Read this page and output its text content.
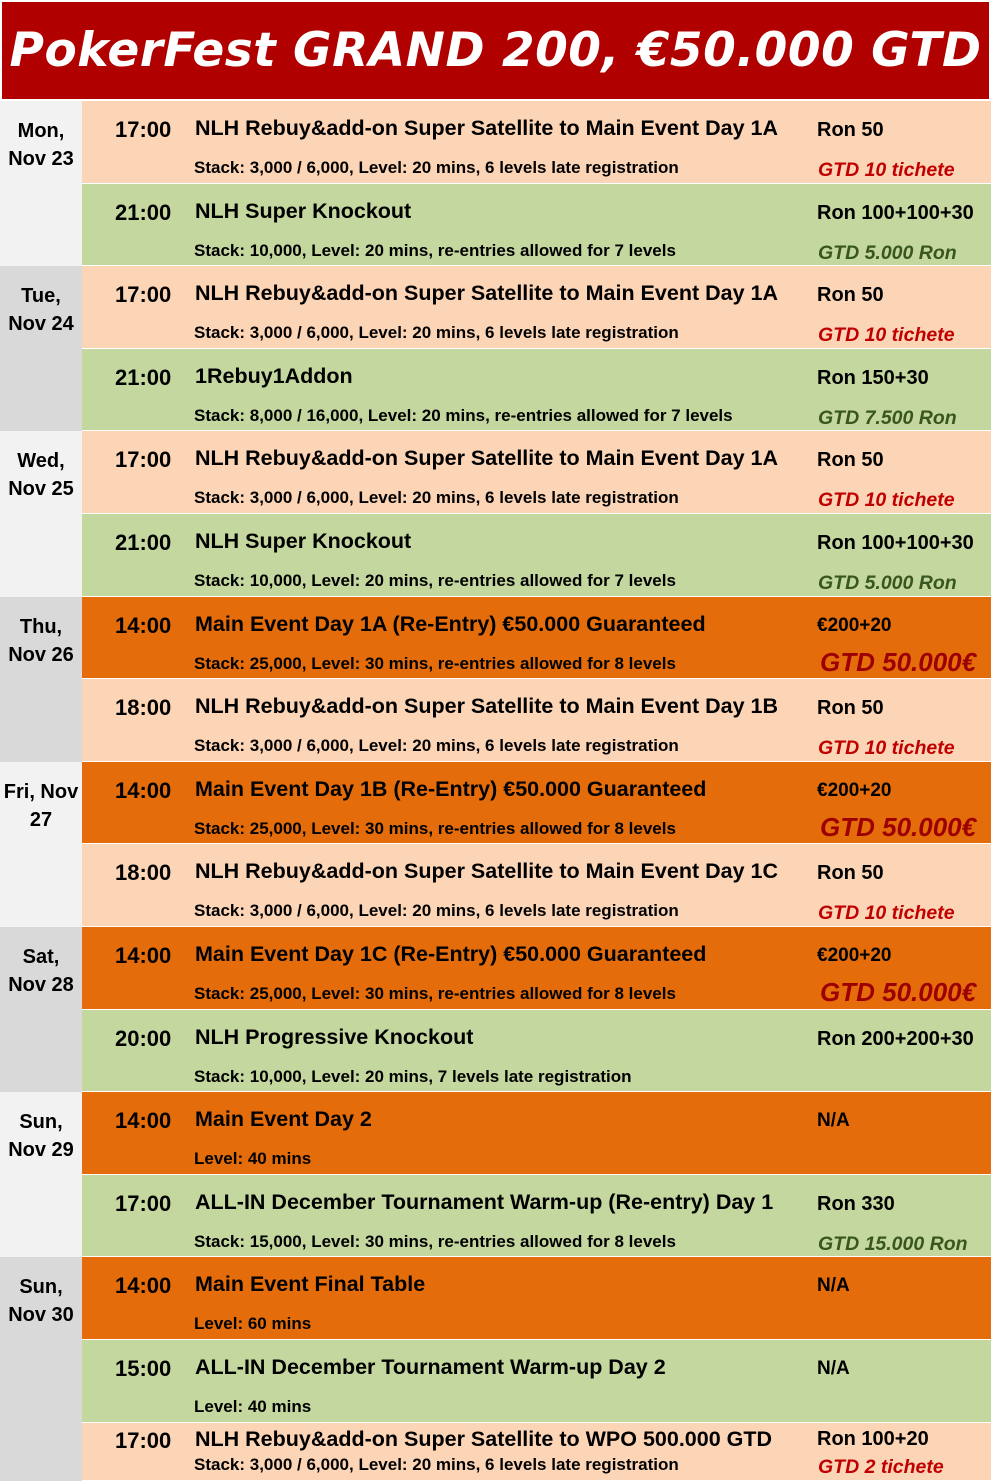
PokerFest GRAND 200, €50.000 GTD
Mon,
Nov 23
17:00 NLH Rebuy&add-on Super Satellite to Main Event Day 1A
Stack: 3,000 / 6,000, Level: 20 mins, 6 levels late registration
Ron 50
GTD 10 tichete
21:00 NLH Super Knockout
Stack: 10,000, Level: 20 mins, re-entries allowed for 7 levels
Ron 100+100+30
GTD 5.000 Ron
Tue,
Nov 24
17:00 NLH Rebuy&add-on Super Satellite to Main Event Day 1A
Stack: 3,000 / 6,000, Level: 20 mins, 6 levels late registration
Ron 50
GTD 10 tichete
21:00 1Rebuy1Addon
Stack: 8,000 / 16,000, Level: 20 mins, re-entries allowed for 7 levels
Ron 150+30
GTD 7.500 Ron
Wed,
Nov 25
17:00 NLH Rebuy&add-on Super Satellite to Main Event Day 1A
Stack: 3,000 / 6,000, Level: 20 mins, 6 levels late registration
Ron 50
GTD 10 tichete
21:00 NLH Super Knockout
Stack: 10,000, Level: 20 mins, re-entries allowed for 7 levels
Ron 100+100+30
GTD 5.000 Ron
Thu,
Nov 26
14:00 Main Event Day 1A (Re-Entry) €50.000 Guaranteed
Stack: 25,000, Level: 30 mins, re-entries allowed for 8 levels
€200+20
GTD 50.000€
18:00 NLH Rebuy&add-on Super Satellite to Main Event Day 1B
Stack: 3,000 / 6,000, Level: 20 mins, 6 levels late registration
Ron 50
GTD 10 tichete
Fri, Nov
27
14:00 Main Event Day 1B (Re-Entry) €50.000 Guaranteed
Stack: 25,000, Level: 30 mins, re-entries allowed for 8 levels
€200+20
GTD 50.000€
18:00 NLH Rebuy&add-on Super Satellite to Main Event Day 1C
Stack: 3,000 / 6,000, Level: 20 mins, 6 levels late registration
Ron 50
GTD 10 tichete
Sat,
Nov 28
14:00 Main Event Day 1C (Re-Entry) €50.000 Guaranteed
Stack: 25,000, Level: 30 mins, re-entries allowed for 8 levels
€200+20
GTD 50.000€
20:00 NLH Progressive Knockout
Stack: 10,000, Level: 20 mins, 7 levels late registration
Ron 200+200+30
Sun,
Nov 29
14:00 Main Event Day 2
Level: 40 mins
N/A
17:00 ALL-IN December Tournament Warm-up (Re-entry) Day 1
Stack: 15,000, Level: 30 mins, re-entries allowed for 8 levels
Ron 330
GTD 15.000 Ron
Sun,
Nov 30
14:00 Main Event Final Table
Level: 60 mins
N/A
15:00 ALL-IN December Tournament Warm-up Day 2
Level: 40 mins
N/A
17:00 NLH Rebuy&add-on Super Satellite to WPO 500.000 GTD
Stack: 3,000 / 6,000, Level: 20 mins, 6 levels late registration
Ron 100+20
GTD 2 tichete
